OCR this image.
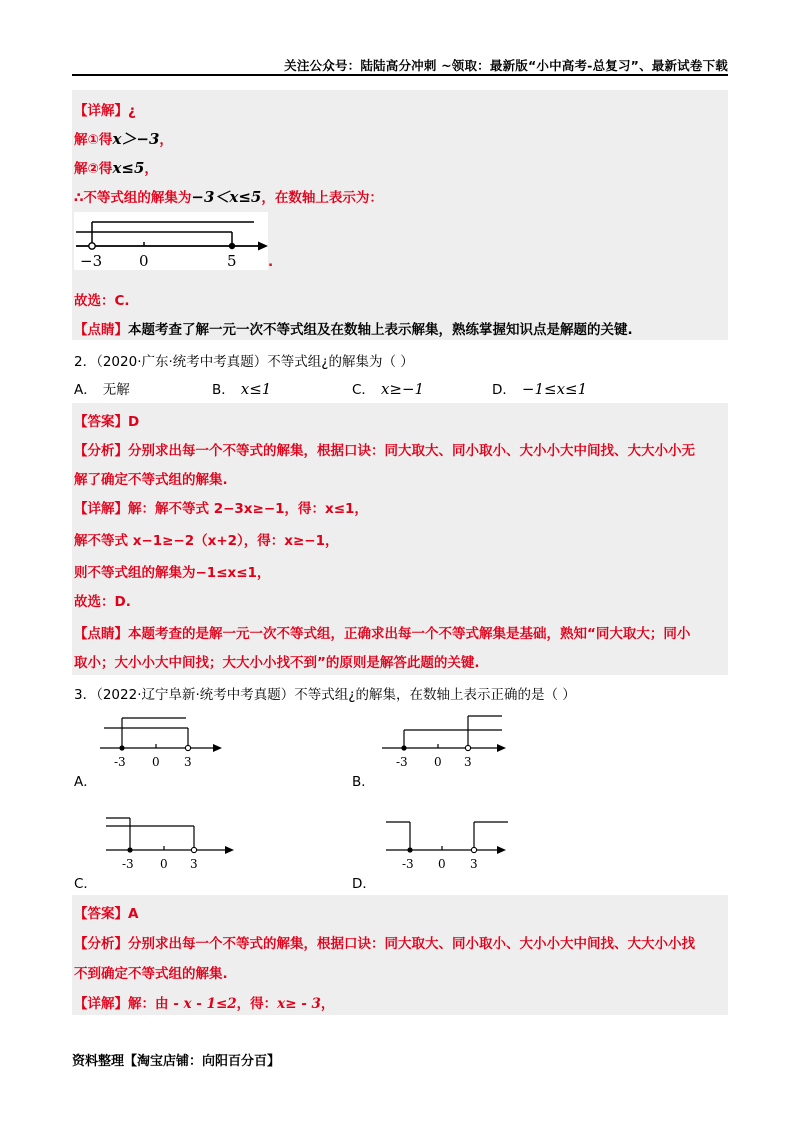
关注公众号：陆陆高分冲刺 ~领取：最新版“小中高考-总复习”、最新试卷下载
【详解】¿
解①得x＞−3，
解②得x≤5，
∴不等式组的解集为−3＜x≤5，在数轴上表示为：
−3 0	5 .
故选：C.
【点睛】本题考查了解一元一次不等式组及在数轴上表示解集，熟练掌握知识点是解题的关键.
2．（2020·广东·统考中考真题）不等式组¿的解集为（ ）
A． 无解	B． x≤1	C． x≥−1	D． −1≤x≤1
【答案】D
【分析】分别求出每一个不等式的解集，根据口诀：同大取大、同小取小、大小小大中间找、大大小小无
解了确定不等式组的解集.
【详解】解：解不等式 2−3x≥−1，得：x≤1，
解不等式 x−1≥−2（x+2），得：x≥−1，
则不等式组的解集为−1≤x≤1，
故选：D.
【点睛】本题考查的是解一元一次不等式组，正确求出每一个不等式解集是基础，熟知“同大取大；同小
取小；大小小大中间找；大大小小找不到”的原则是解答此题的关键.
3．（2022·辽宁阜新·统考中考真题）不等式组¿的解集，在数轴上表示正确的是（ ）
-3 0 3
A．
-3 0 3
B．
-3 0 3
C．
-3 0 3
D．
【答案】A
【分析】分别求出每一个不等式的解集，根据口诀：同大取大、同小取小、大小小大中间找、大大小小找
不到确定不等式组的解集.
【详解】解：由 - x - 1≤2，得：x≥ - 3，
资料整理【淘宝店铺：向阳百分百】
